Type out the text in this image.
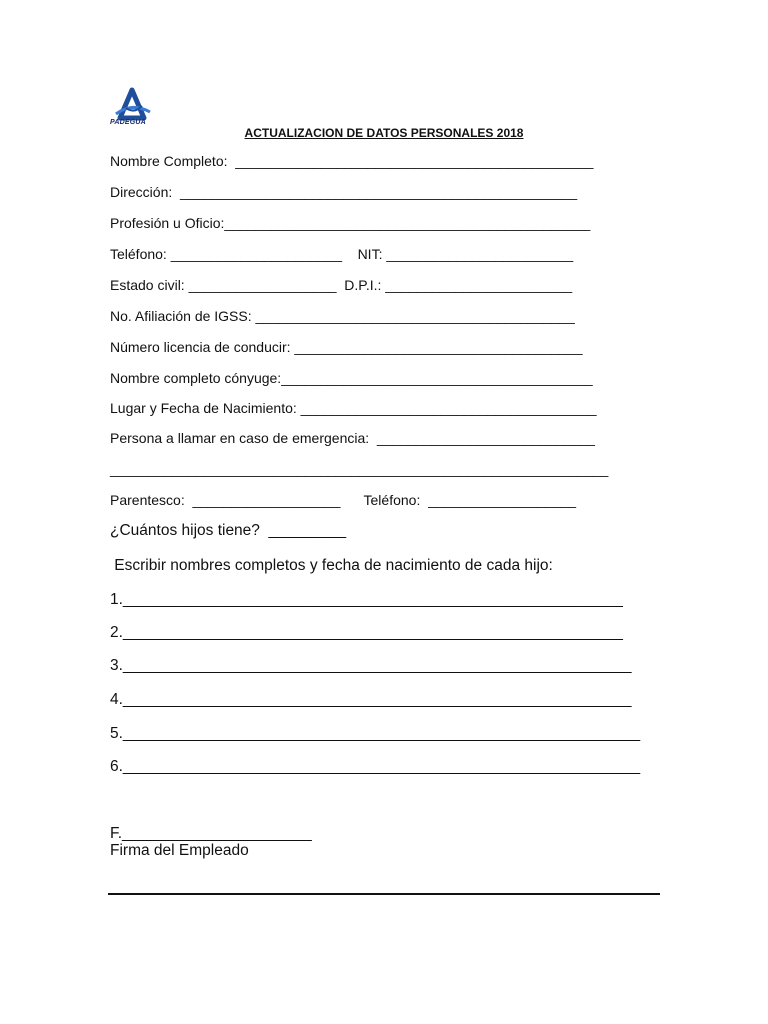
PADEGUA
ACTUALIZACION DE DATOS PERSONALES 2018
Nombre Completo:  ______________________________________________
Dirección:  ___________________________________________________
Profesión u Oficio:_______________________________________________
Teléfono: ______________________    NIT: ________________________
Estado civil: ___________________  D.P.I.: ________________________
No. Afiliación de IGSS: _________________________________________
Número licencia de conducir: _____________________________________
Nombre completo cónyuge:________________________________________
Lugar y Fecha de Nacimiento: ______________________________________
Persona a llamar en caso de emergencia:  ____________________________
________________________________________________________________
Parentesco:  ___________________      Teléfono:  ___________________
¿Cuántos hijos tiene?  _________
Escribir nombres completos y fecha de nacimiento de cada hijo:
1.__________________________________________________________
2.__________________________________________________________
3.___________________________________________________________
4.___________________________________________________________
5.____________________________________________________________
6.____________________________________________________________
F.______________________
Firma del Empleado
